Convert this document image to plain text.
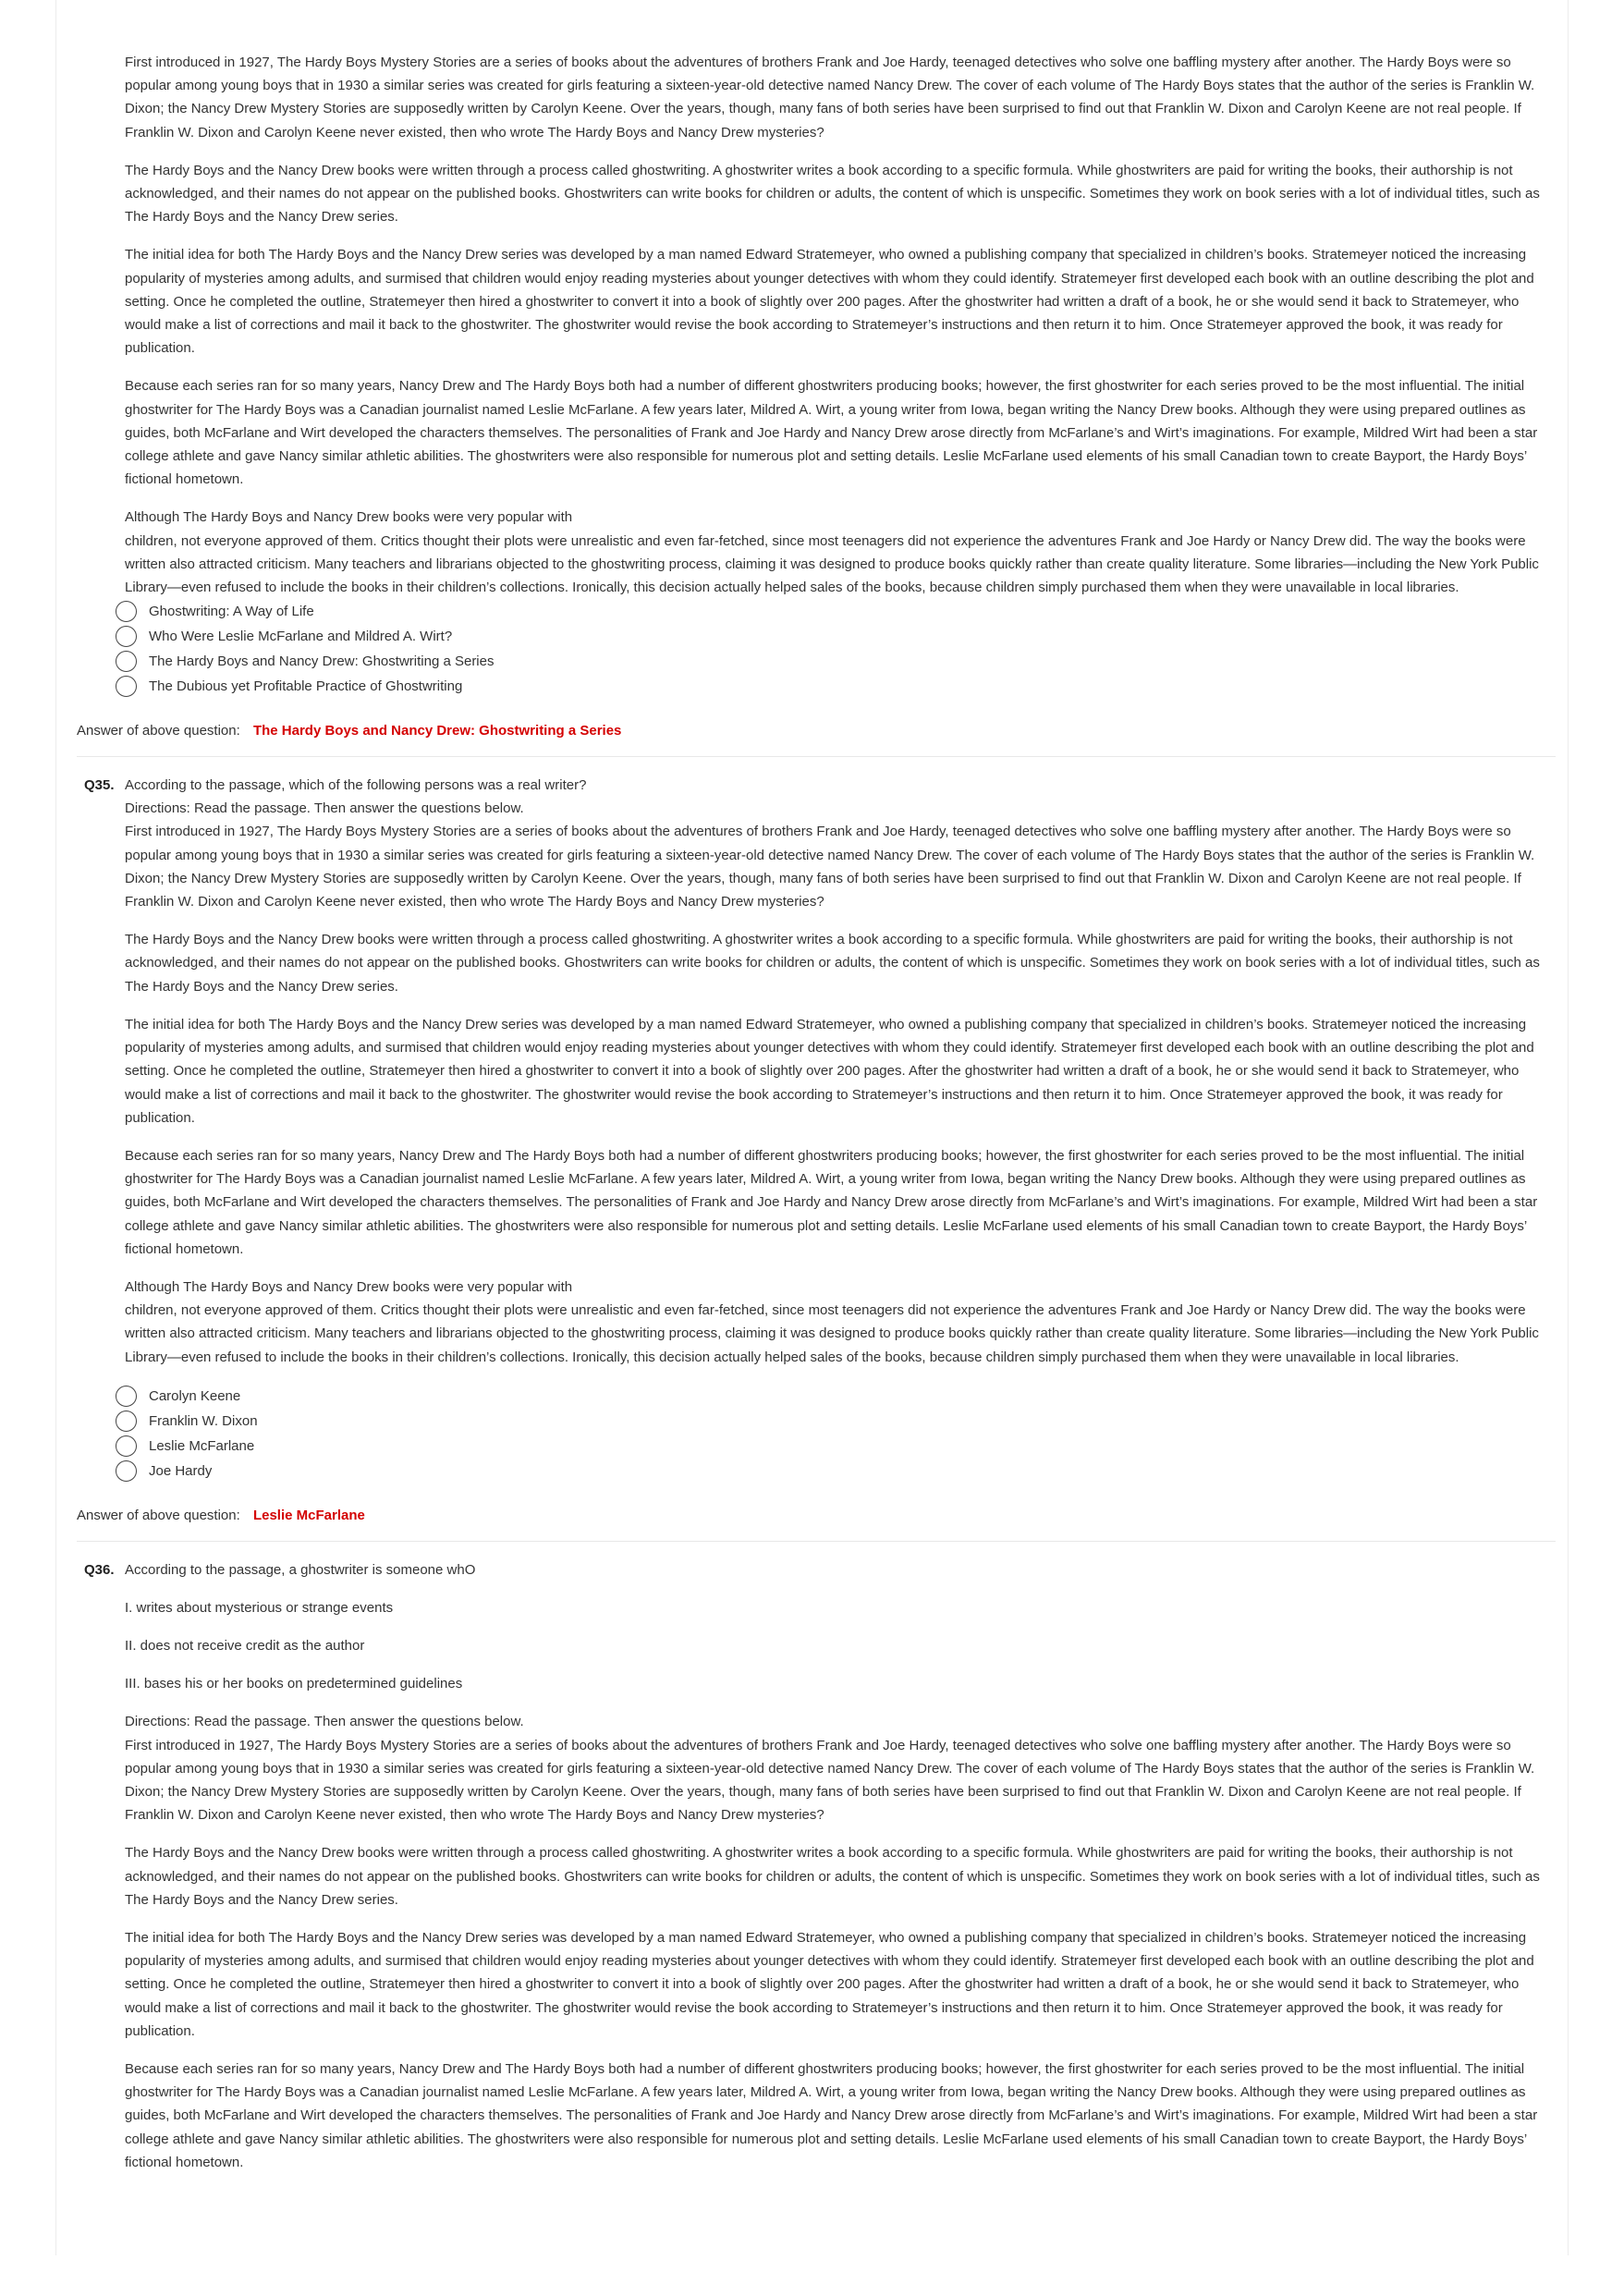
First introduced in 1927, The Hardy Boys Mystery Stories are a series of books about the adventures of brothers Frank and Joe Hardy, teenaged detectives who solve one baffling mystery after another. The Hardy Boys were so popular among young boys that in 1930 a similar series was created for girls featuring a sixteen-year-old detective named Nancy Drew. The cover of each volume of The Hardy Boys states that the author of the series is Franklin W. Dixon; the Nancy Drew Mystery Stories are supposedly written by Carolyn Keene. Over the years, though, many fans of both series have been surprised to find out that Franklin W. Dixon and Carolyn Keene are not real people. If Franklin W. Dixon and Carolyn Keene never existed, then who wrote The Hardy Boys and Nancy Drew mysteries?

The Hardy Boys and the Nancy Drew books were written through a process called ghostwriting. A ghostwriter writes a book according to a specific formula. While ghostwriters are paid for writing the books, their authorship is not acknowledged, and their names do not appear on the published books. Ghostwriters can write books for children or adults, the content of which is unspecific. Sometimes they work on book series with a lot of individual titles, such as The Hardy Boys and the Nancy Drew series.

The initial idea for both The Hardy Boys and the Nancy Drew series was developed by a man named Edward Stratemeyer, who owned a publishing company that specialized in children’s books. Stratemeyer noticed the increasing popularity of mysteries among adults, and surmised that children would enjoy reading mysteries about younger detectives with whom they could identify. Stratemeyer first developed each book with an outline describing the plot and setting. Once he completed the outline, Stratemeyer then hired a ghostwriter to convert it into a book of slightly over 200 pages. After the ghostwriter had written a draft of a book, he or she would send it back to Stratemeyer, who would make a list of corrections and mail it back to the ghostwriter. The ghostwriter would revise the book according to Stratemeyer’s instructions and then return it to him. Once Stratemeyer approved the book, it was ready for publication.

Because each series ran for so many years, Nancy Drew and The Hardy Boys both had a number of different ghostwriters producing books; however, the first ghostwriter for each series proved to be the most influential. The initial ghostwriter for The Hardy Boys was a Canadian journalist named Leslie McFarlane. A few years later, Mildred A. Wirt, a young writer from Iowa, began writing the Nancy Drew books. Although they were using prepared outlines as guides, both McFarlane and Wirt developed the characters themselves. The personalities of Frank and Joe Hardy and Nancy Drew arose directly from McFarlane’s and Wirt’s imaginations. For example, Mildred Wirt had been a star college athlete and gave Nancy similar athletic abilities. The ghostwriters were also responsible for numerous plot and setting details. Leslie McFarlane used elements of his small Canadian town to create Bayport, the Hardy Boys’ fictional hometown.

Although The Hardy Boys and Nancy Drew books were very popular with

children, not everyone approved of them. Critics thought their plots were unrealistic and even far-fetched, since most teenagers did not experience the adventures Frank and Joe Hardy or Nancy Drew did. The way the books were written also attracted criticism. Many teachers and librarians objected to the ghostwriting process, claiming it was designed to produce books quickly rather than create quality literature. Some libraries—including the New York Public Library—even refused to include the books in their children’s collections. Ironically, this decision actually helped sales of the books, because children simply purchased them when they were unavailable in local libraries.

Ghostwriting: A Way of Life
Who Were Leslie McFarlane and Mildred A. Wirt?
The Hardy Boys and Nancy Drew: Ghostwriting a Series
The Dubious yet Profitable Practice of Ghostwriting
Answer of above question: The Hardy Boys and Nancy Drew: Ghostwriting a Series
Q35. According to the passage, which of the following persons was a real writer?

Directions: Read the passage. Then answer the questions below.

First introduced in 1927, The Hardy Boys Mystery Stories are a series of books about the adventures of brothers Frank and Joe Hardy, teenaged detectives who solve one baffling mystery after another. The Hardy Boys were so popular among young boys that in 1930 a similar series was created for girls featuring a sixteen-year-old detective named Nancy Drew. The cover of each volume of The Hardy Boys states that the author of the series is Franklin W. Dixon; the Nancy Drew Mystery Stories are supposedly written by Carolyn Keene. Over the years, though, many fans of both series have been surprised to find out that Franklin W. Dixon and Carolyn Keene are not real people. If Franklin W. Dixon and Carolyn Keene never existed, then who wrote The Hardy Boys and Nancy Drew mysteries?

The Hardy Boys and the Nancy Drew books were written through a process called ghostwriting. A ghostwriter writes a book according to a specific formula. While ghostwriters are paid for writing the books, their authorship is not acknowledged, and their names do not appear on the published books. Ghostwriters can write books for children or adults, the content of which is unspecific. Sometimes they work on book series with a lot of individual titles, such as The Hardy Boys and the Nancy Drew series.

The initial idea for both The Hardy Boys and the Nancy Drew series was developed by a man named Edward Stratemeyer, who owned a publishing company that specialized in children’s books. Stratemeyer noticed the increasing popularity of mysteries among adults, and surmised that children would enjoy reading mysteries about younger detectives with whom they could identify. Stratemeyer first developed each book with an outline describing the plot and setting. Once he completed the outline, Stratemeyer then hired a ghostwriter to convert it into a book of slightly over 200 pages. After the ghostwriter had written a draft of a book, he or she would send it back to Stratemeyer, who would make a list of corrections and mail it back to the ghostwriter. The ghostwriter would revise the book according to Stratemeyer’s instructions and then return it to him. Once Stratemeyer approved the book, it was ready for publication.

Because each series ran for so many years, Nancy Drew and The Hardy Boys both had a number of different ghostwriters producing books; however, the first ghostwriter for each series proved to be the most influential. The initial ghostwriter for The Hardy Boys was a Canadian journalist named Leslie McFarlane. A few years later, Mildred A. Wirt, a young writer from Iowa, began writing the Nancy Drew books. Although they were using prepared outlines as guides, both McFarlane and Wirt developed the characters themselves. The personalities of Frank and Joe Hardy and Nancy Drew arose directly from McFarlane’s and Wirt’s imaginations. For example, Mildred Wirt had been a star college athlete and gave Nancy similar athletic abilities. The ghostwriters were also responsible for numerous plot and setting details. Leslie McFarlane used elements of his small Canadian town to create Bayport, the Hardy Boys’ fictional hometown.

Although The Hardy Boys and Nancy Drew books were very popular with

children, not everyone approved of them. Critics thought their plots were unrealistic and even far-fetched, since most teenagers did not experience the adventures Frank and Joe Hardy or Nancy Drew did. The way the books were written also attracted criticism. Many teachers and librarians objected to the ghostwriting process, claiming it was designed to produce books quickly rather than create quality literature. Some libraries—including the New York Public Library—even refused to include the books in their children’s collections. Ironically, this decision actually helped sales of the books, because children simply purchased them when they were unavailable in local libraries.

Carolyn Keene
Franklin W. Dixon
Leslie McFarlane
Joe Hardy
Answer of above question: Leslie McFarlane
Q36. According to the passage, a ghostwriter is someone whO

I. writes about mysterious or strange events

II. does not receive credit as the author

III. bases his or her books on predetermined guidelines

Directions: Read the passage. Then answer the questions below.

First introduced in 1927, The Hardy Boys Mystery Stories are a series of books about the adventures of brothers Frank and Joe Hardy, teenaged detectives who solve one baffling mystery after another. The Hardy Boys were so popular among young boys that in 1930 a similar series was created for girls featuring a sixteen-year-old detective named Nancy Drew. The cover of each volume of The Hardy Boys states that the author of the series is Franklin W. Dixon; the Nancy Drew Mystery Stories are supposedly written by Carolyn Keene. Over the years, though, many fans of both series have been surprised to find out that Franklin W. Dixon and Carolyn Keene are not real people. If Franklin W. Dixon and Carolyn Keene never existed, then who wrote The Hardy Boys and Nancy Drew mysteries?

The Hardy Boys and the Nancy Drew books were written through a process called ghostwriting. A ghostwriter writes a book according to a specific formula. While ghostwriters are paid for writing the books, their authorship is not acknowledged, and their names do not appear on the published books. Ghostwriters can write books for children or adults, the content of which is unspecific. Sometimes they work on book series with a lot of individual titles, such as The Hardy Boys and the Nancy Drew series.

The initial idea for both The Hardy Boys and the Nancy Drew series was developed by a man named Edward Stratemeyer, who owned a publishing company that specialized in children’s books. Stratemeyer noticed the increasing popularity of mysteries among adults, and surmised that children would enjoy reading mysteries about younger detectives with whom they could identify. Stratemeyer first developed each book with an outline describing the plot and setting. Once he completed the outline, Stratemeyer then hired a ghostwriter to convert it into a book of slightly over 200 pages. After the ghostwriter had written a draft of a book, he or she would send it back to Stratemeyer, who would make a list of corrections and mail it back to the ghostwriter. The ghostwriter would revise the book according to Stratemeyer’s instructions and then return it to him. Once Stratemeyer approved the book, it was ready for publication.

Because each series ran for so many years, Nancy Drew and The Hardy Boys both had a number of different ghostwriters producing books; however, the first ghostwriter for each series proved to be the most influential. The initial ghostwriter for The Hardy Boys was a Canadian journalist named Leslie McFarlane. A few years later, Mildred A. Wirt, a young writer from Iowa, began writing the Nancy Drew books. Although they were using prepared outlines as guides, both McFarlane and Wirt developed the characters themselves. The personalities of Frank and Joe Hardy and Nancy Drew arose directly from McFarlane’s and Wirt’s imaginations. For example, Mildred Wirt had been a star college athlete and gave Nancy similar athletic abilities. The ghostwriters were also responsible for numerous plot and setting details. Leslie McFarlane used elements of his small Canadian town to create Bayport, the Hardy Boys’ fictional hometown.
